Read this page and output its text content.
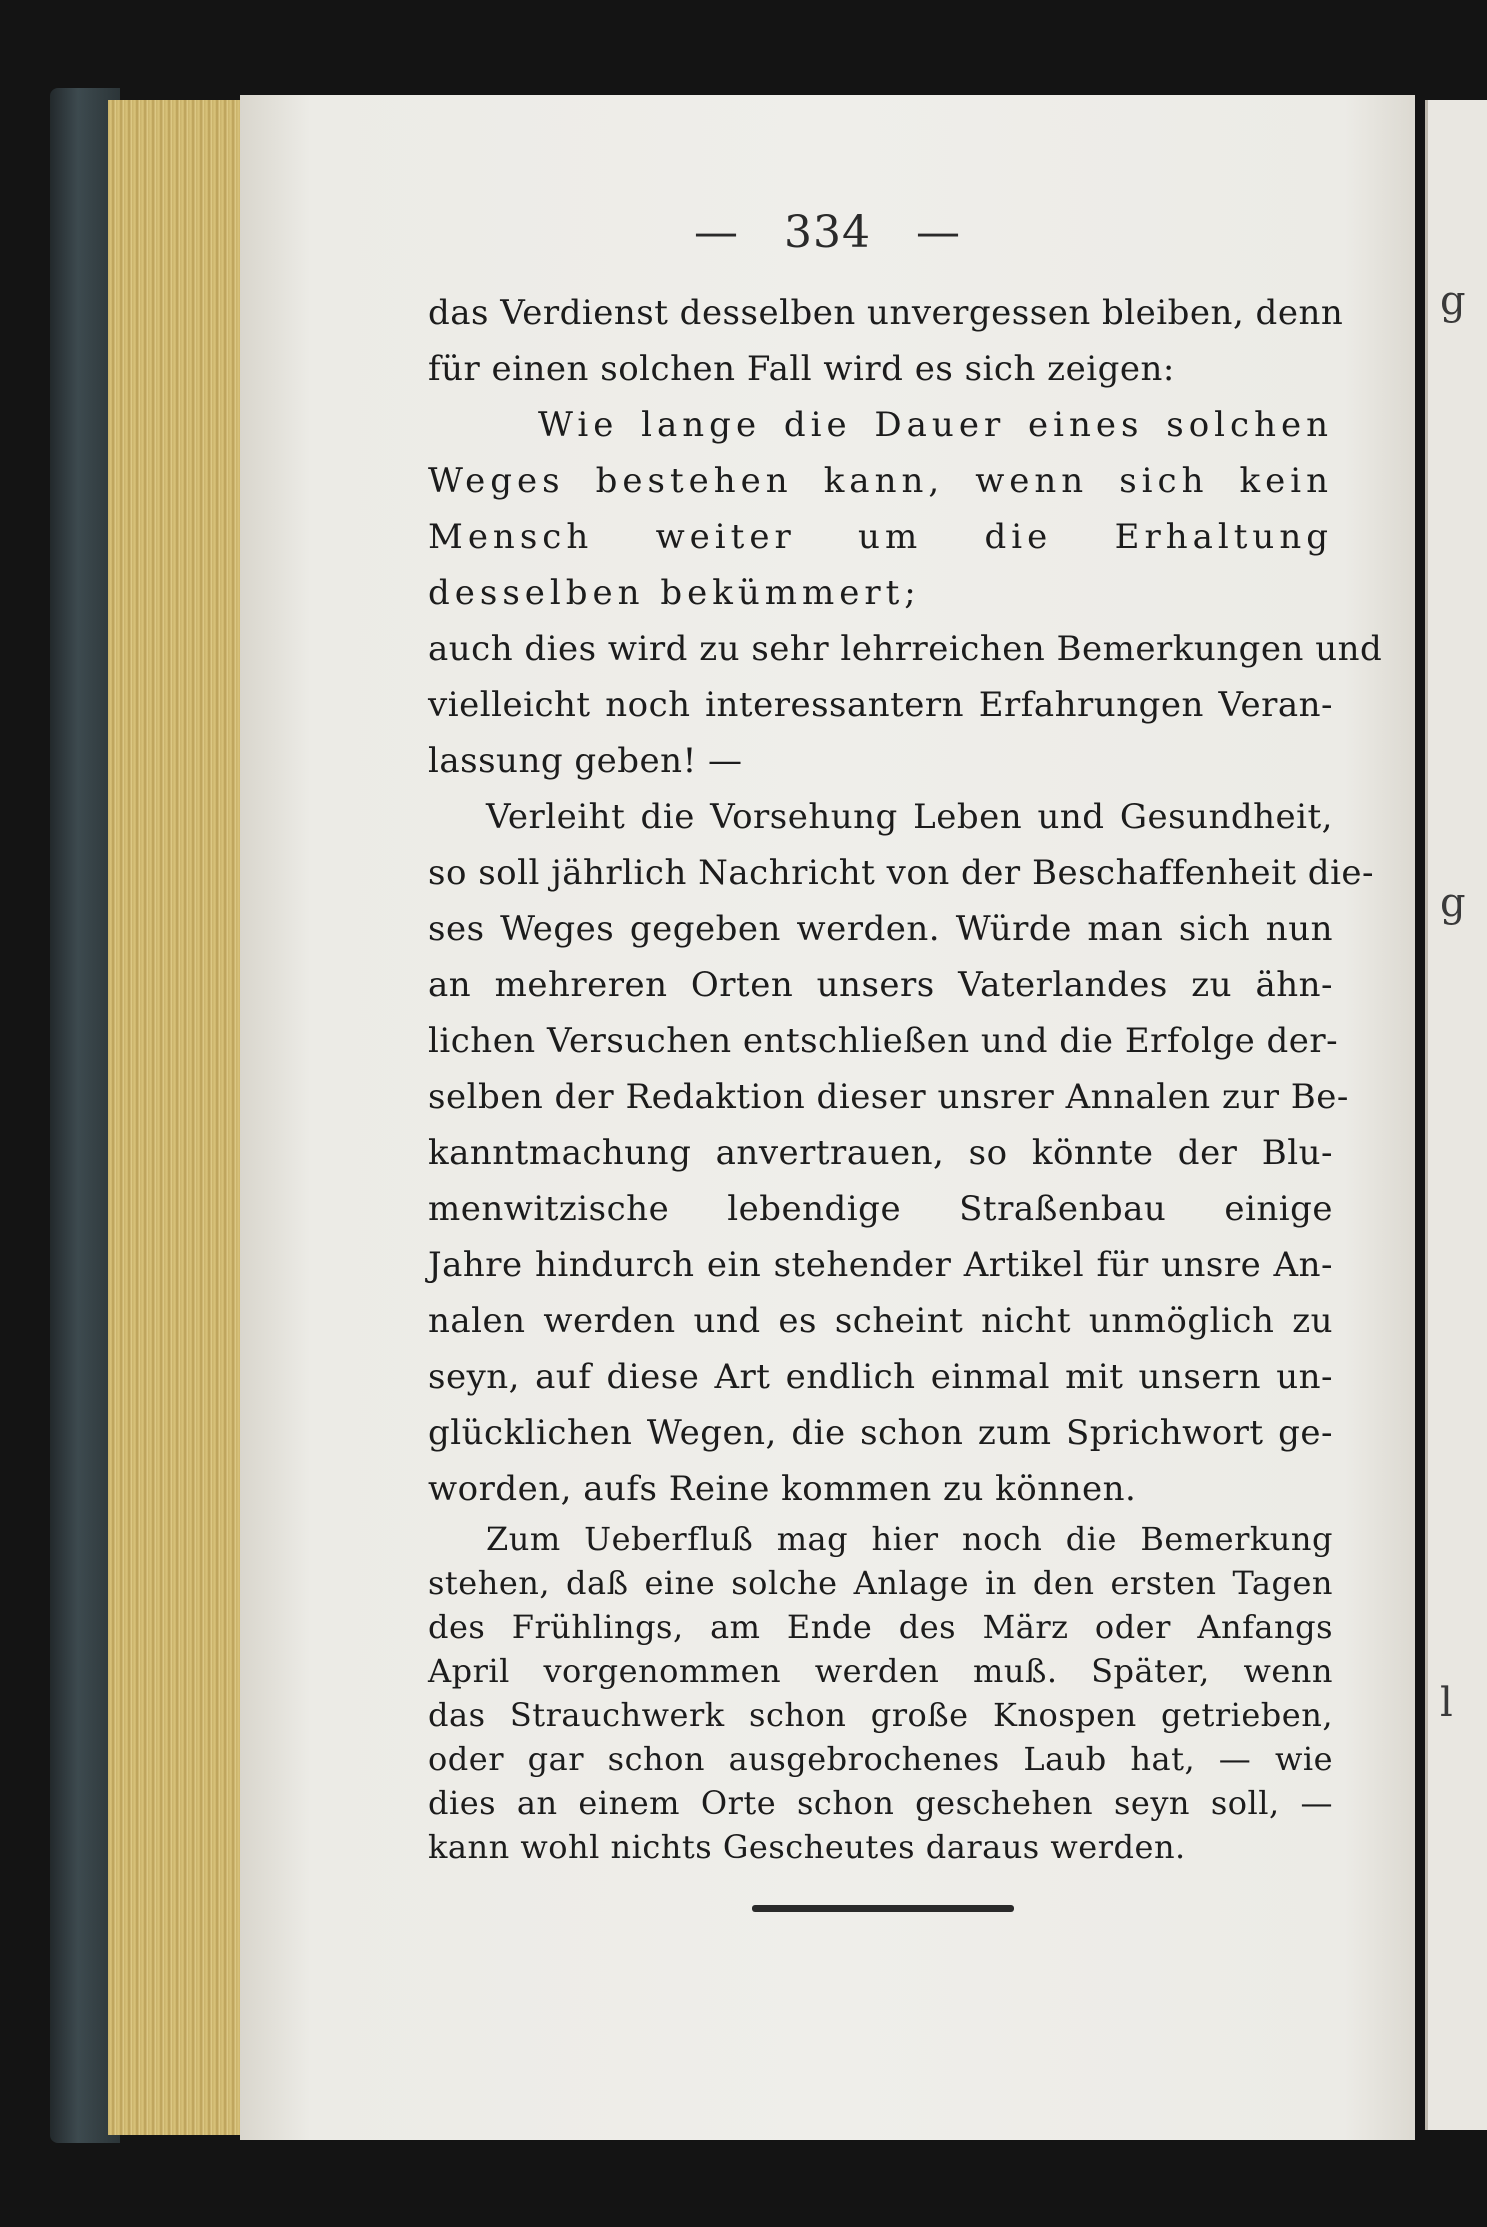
— 334 —
das Verdienst desselben unvergessen bleiben, denn
für einen solchen Fall wird es sich zeigen:
Wie lange die Dauer eines solchen
Weges bestehen kann, wenn sich kein
Mensch weiter um die Erhaltung
desselben bekümmert;
auch dies wird zu sehr lehrreichen Bemerkungen und
vielleicht noch interessantern Erfahrungen Veran-
lassung geben! —
Verleiht die Vorsehung Leben und Gesundheit,
so soll jährlich Nachricht von der Beschaffenheit die-
ses Weges gegeben werden. Würde man sich nun
an mehreren Orten unsers Vaterlandes zu ähn-
lichen Versuchen entschließen und die Erfolge der-
selben der Redaktion dieser unsrer Annalen zur Be-
kanntmachung anvertrauen, so könnte der Blu-
menwitzische lebendige Straßenbau einige
Jahre hindurch ein stehender Artikel für unsre An-
nalen werden und es scheint nicht unmöglich zu
seyn, auf diese Art endlich einmal mit unsern un-
glücklichen Wegen, die schon zum Sprichwort ge-
worden, aufs Reine kommen zu können.
Zum Ueberfluß mag hier noch die Bemerkung
stehen, daß eine solche Anlage in den ersten Tagen
des Frühlings, am Ende des März oder Anfangs
April vorgenommen werden muß. Später, wenn
das Strauchwerk schon große Knospen getrieben,
oder gar schon ausgebrochenes Laub hat, — wie
dies an einem Orte schon geschehen seyn soll, —
kann wohl nichts Gescheutes daraus werden.
g
g
l
